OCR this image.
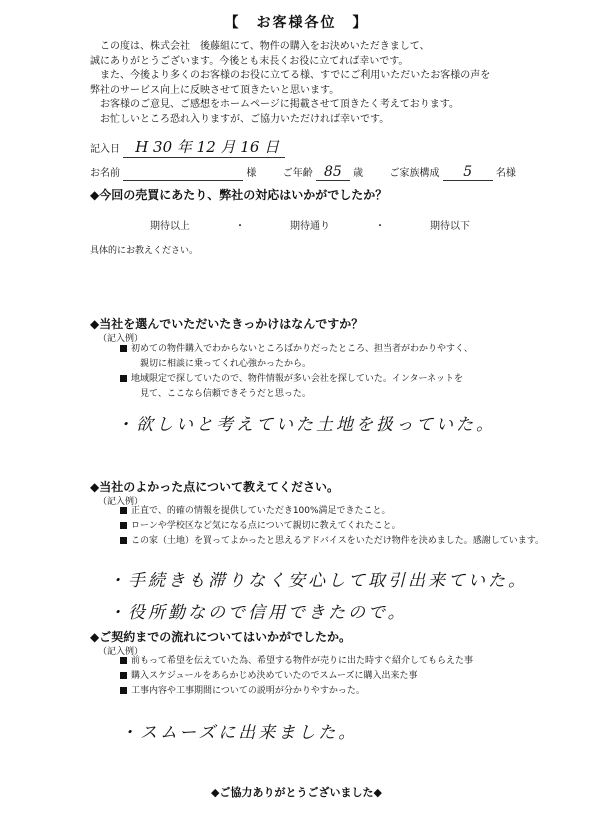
【　お客様各位　】
この度は、株式会社　後藤組にて、物件の購入をお決めいただきまして、
誠にありがとうございます。今後とも末長くお役に立てれば幸いです。
また、今後より多くのお客様のお役に立てる様、すでにご利用いただいたお客様の声を
弊社のサービス向上に反映させて頂きたいと思います。
お客様のご意見、ご感想をホームページに掲載させて頂きたく考えております。
お忙しいところ恐れ入りますが、ご協力いただければ幸いです。
記入日 H 30 年 12 月 16 日
お名前	様	ご年齢 85 歳	ご家族構成 5 名様
◆今回の売買にあたり、弊社の対応はいかがでしたか？
期待以上	・	期待通り	・	期待以下
具体的にお教えください。
◆当社を選んでいただいたきっかけはなんですか？
（記入例）
初めての物件購入でわからないところばかりだったところ、担当者がわかりやすく、
　親切に相談に乗ってくれ心強かったから。
地域限定で探していたので、物件情報が多い会社を探していた。インターネットを
　見て、ここなら信頼できそうだと思った。
・欲しいと考えていた土地を扱っていた。
◆当社のよかった点について教えてください。
（記入例）
正直で、的確の情報を提供していただき100%満足できたこと。
ローンや学校区など気になる点について親切に教えてくれたこと。
この家（土地）を買ってよかったと思えるアドバイスをいただけ物件を決めました。感謝しています。
・手続きも滞りなく安心して取引出来ていた。
・役所勤なので信用できたので。
◆ご契約までの流れについてはいかがでしたか。
（記入例）
前もって希望を伝えていた為、希望する物件が売りに出た時すぐ紹介してもらえた事
購入スケジュールをあらかじめ決めていたのでスムーズに購入出来た事
工事内容や工事期間についての説明が分かりやすかった。
・スムーズに出来ました。
◆ご協力ありがとうございました◆
